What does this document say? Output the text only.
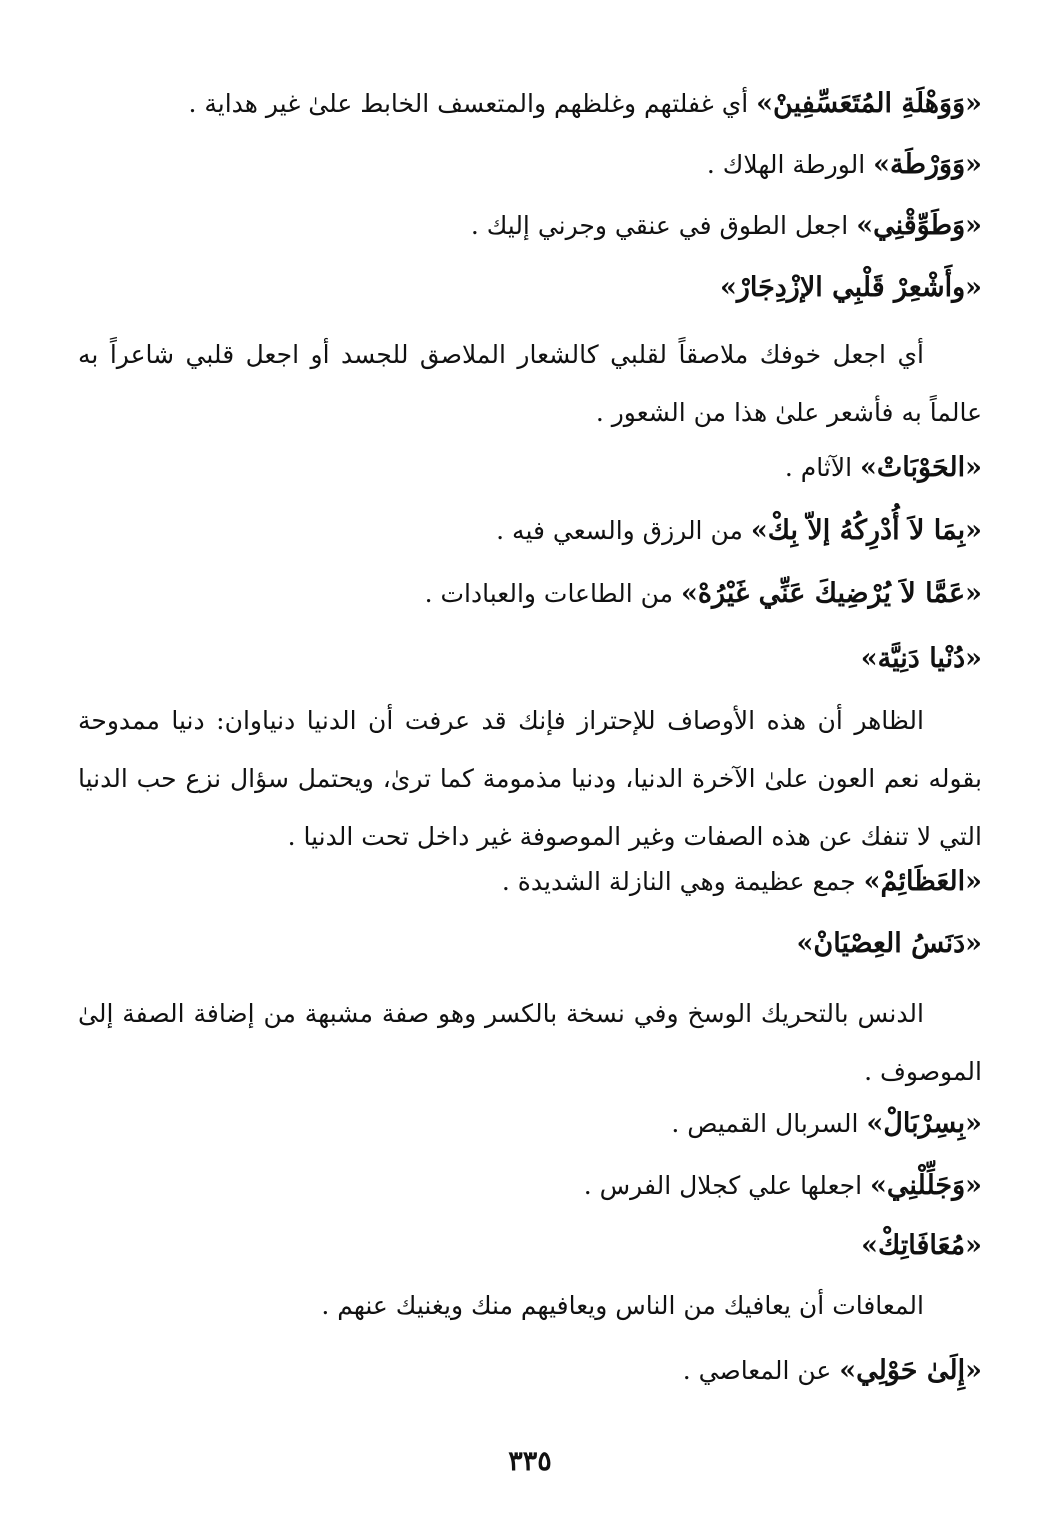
«وَوَهْلَةِ المُتَعَسِّفِينْ» أي غفلتهم وغلظهم والمتعسف الخابط علىٰ غير هداية .
«وَوَرْطَة» الورطة الهلاك .
«وَطَوِّقْنِي» اجعل الطوق في عنقي وجرني إليك .
«وأَشْعِرْ قَلْبِي الإزْدِجَارْ»
أي اجعل خوفك ملاصقاً لقلبي كالشعار الملاصق للجسد أو اجعل قلبي شاعراً به عالماً به فأشعر علىٰ هذا من الشعور .
«الحَوْبَاتْ» الآثام .
«بِمَا لاَ أُدْرِكُهُ إلاّ بِكْ» من الرزق والسعي فيه .
«عَمَّا لاَ يُرْضِيكَ عَنِّي غَيْرُهْ» من الطاعات والعبادات .
«دُنْيا دَنِيَّة»
الظاهر أن هذه الأوصاف للإحتراز فإنك قد عرفت أن الدنيا دنياوان: دنيا ممدوحة بقوله نعم العون علىٰ الآخرة الدنيا، ودنيا مذمومة كما ترىٰ، ويحتمل سؤال نزع حب الدنيا التي لا تنفك عن هذه الصفات وغير الموصوفة غير داخل تحت الدنيا .
«العَظَائِمْ» جمع عظيمة وهي النازلة الشديدة .
«دَنَسُ العِصْيَانْ»
الدنس بالتحريك الوسخ وفي نسخة بالكسر وهو صفة مشبهة من إضافة الصفة إلىٰ الموصوف .
«بِسِرْبَالْ» السربال القميص .
«وَجَلِّلْنِي» اجعلها علي كجلال الفرس .
«مُعَافَاتِكْ»
المعافات أن يعافيك من الناس ويعافيهم منك ويغنيك عنهم .
«إِلَىٰ حَوْلِي» عن المعاصي .
٣٣٥
